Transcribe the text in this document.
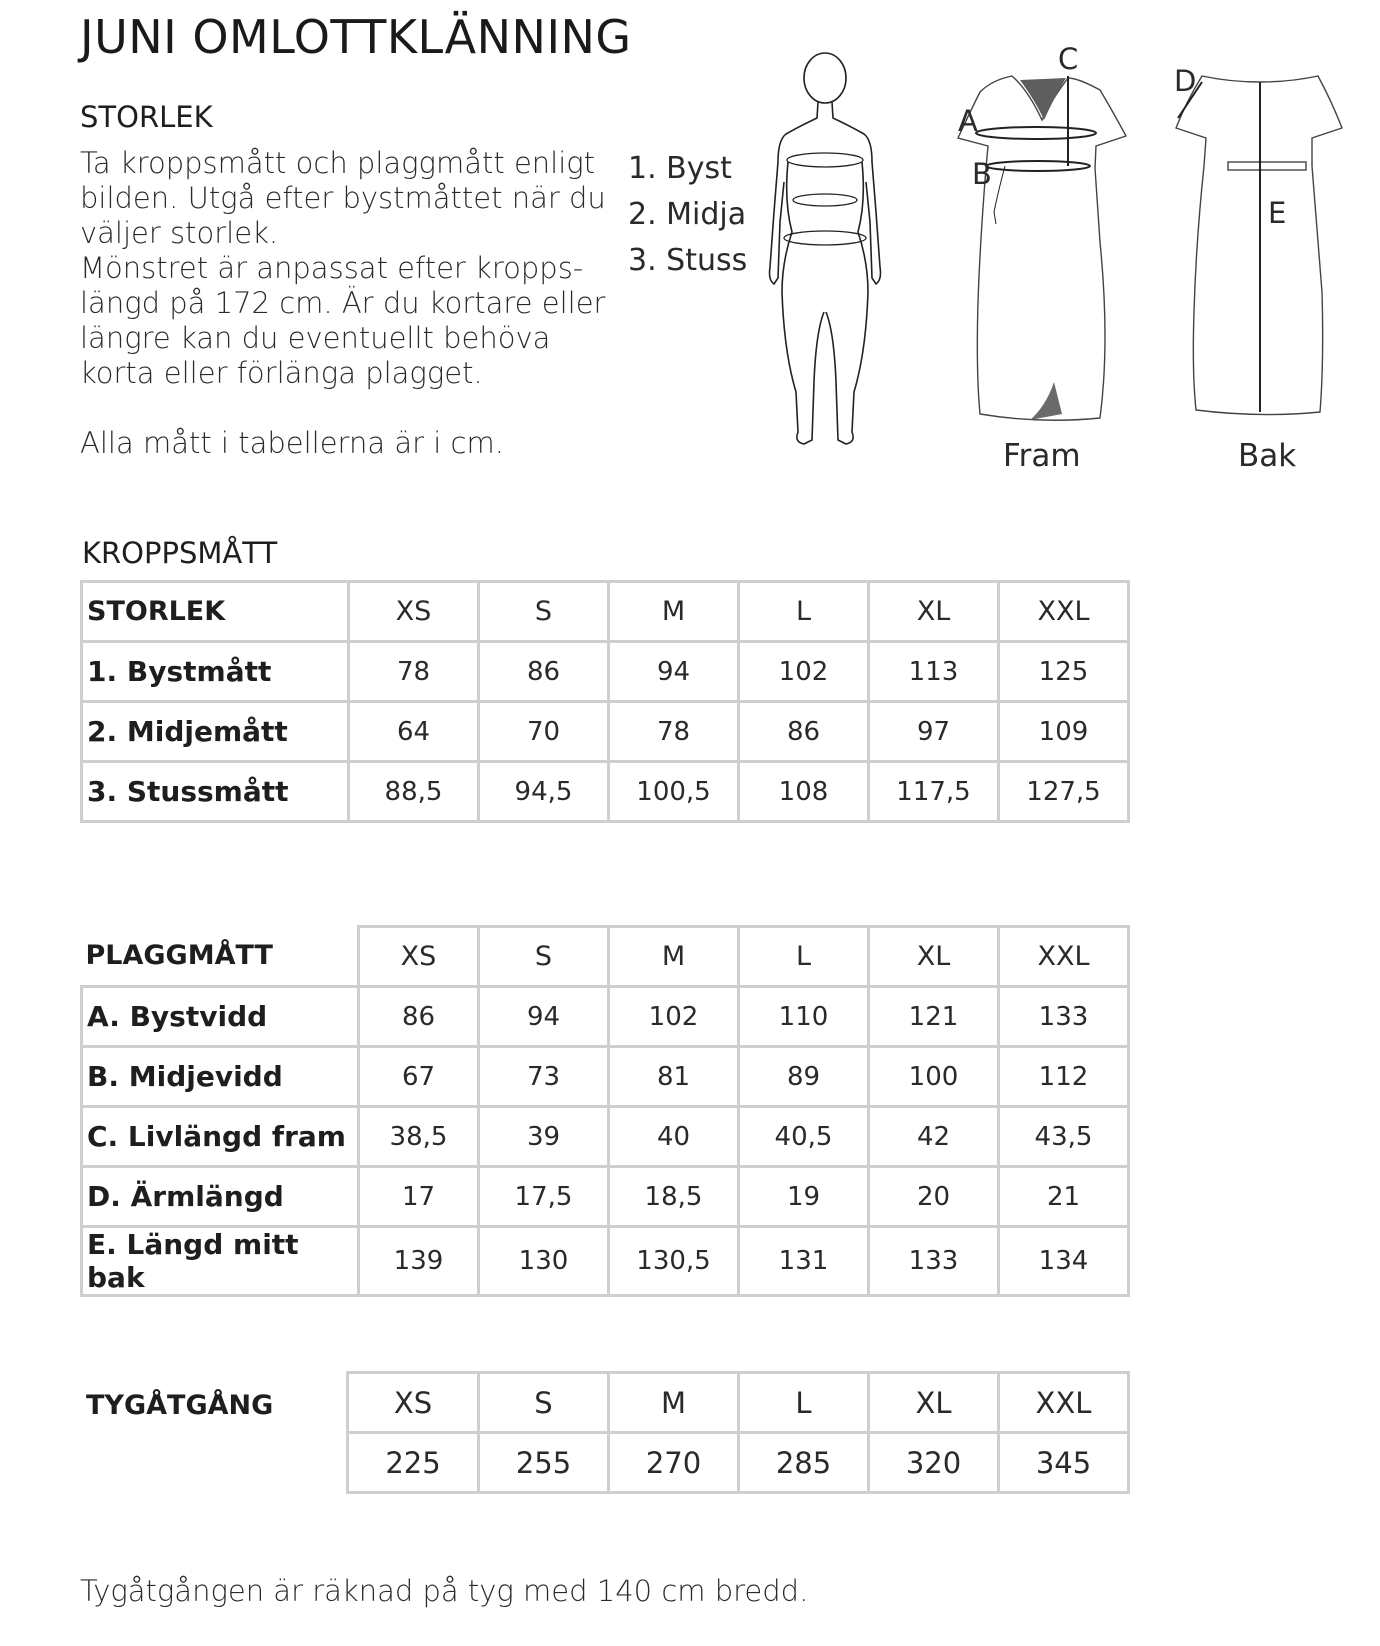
JUNI OMLOTTKLÄNNING
STORLEK

Ta kroppsmått och plaggmått enligt

bilden. Utgå efter bystmåttet när du

väljer storlek.

Mönstret är anpassat efter kropps-

längd på 172 cm. Är du kortare eller

längre kan du eventuellt behöva

korta eller förlänga plagget.

Alla mått i tabellerna är i cm.

1. Byst
2. Midja
3. Stuss
A
B
C
D
E
Fram	Bak
KROPPSMÅTT
STORLEK	XS	S	M	L	XL	XXL
1. Bystmått	78	86	94	102	113	125
2. Midjemått	64	70	78	86	97	109
3. Stussmått	88,5	94,5	100,5	108	117,5	127,5
PLAGGMÅTT	XS	S	M	L	XL	XXL
A. Bystvidd	86	94	102	110	121	133
B. Midjevidd	67	73	81	89	100	112
C. Livlängd fram	38,5	39	40	40,5	42	43,5
D. Ärmlängd	17	17,5	18,5	19	20	21
E. Längd mitt bak	139	130	130,5	131	133	134
TYGÅTGÅNG	XS	S	M	L	XL	XXL
225	255	270	285	320	345
Tygåtgången är räknad på tyg med 140 cm bredd.
